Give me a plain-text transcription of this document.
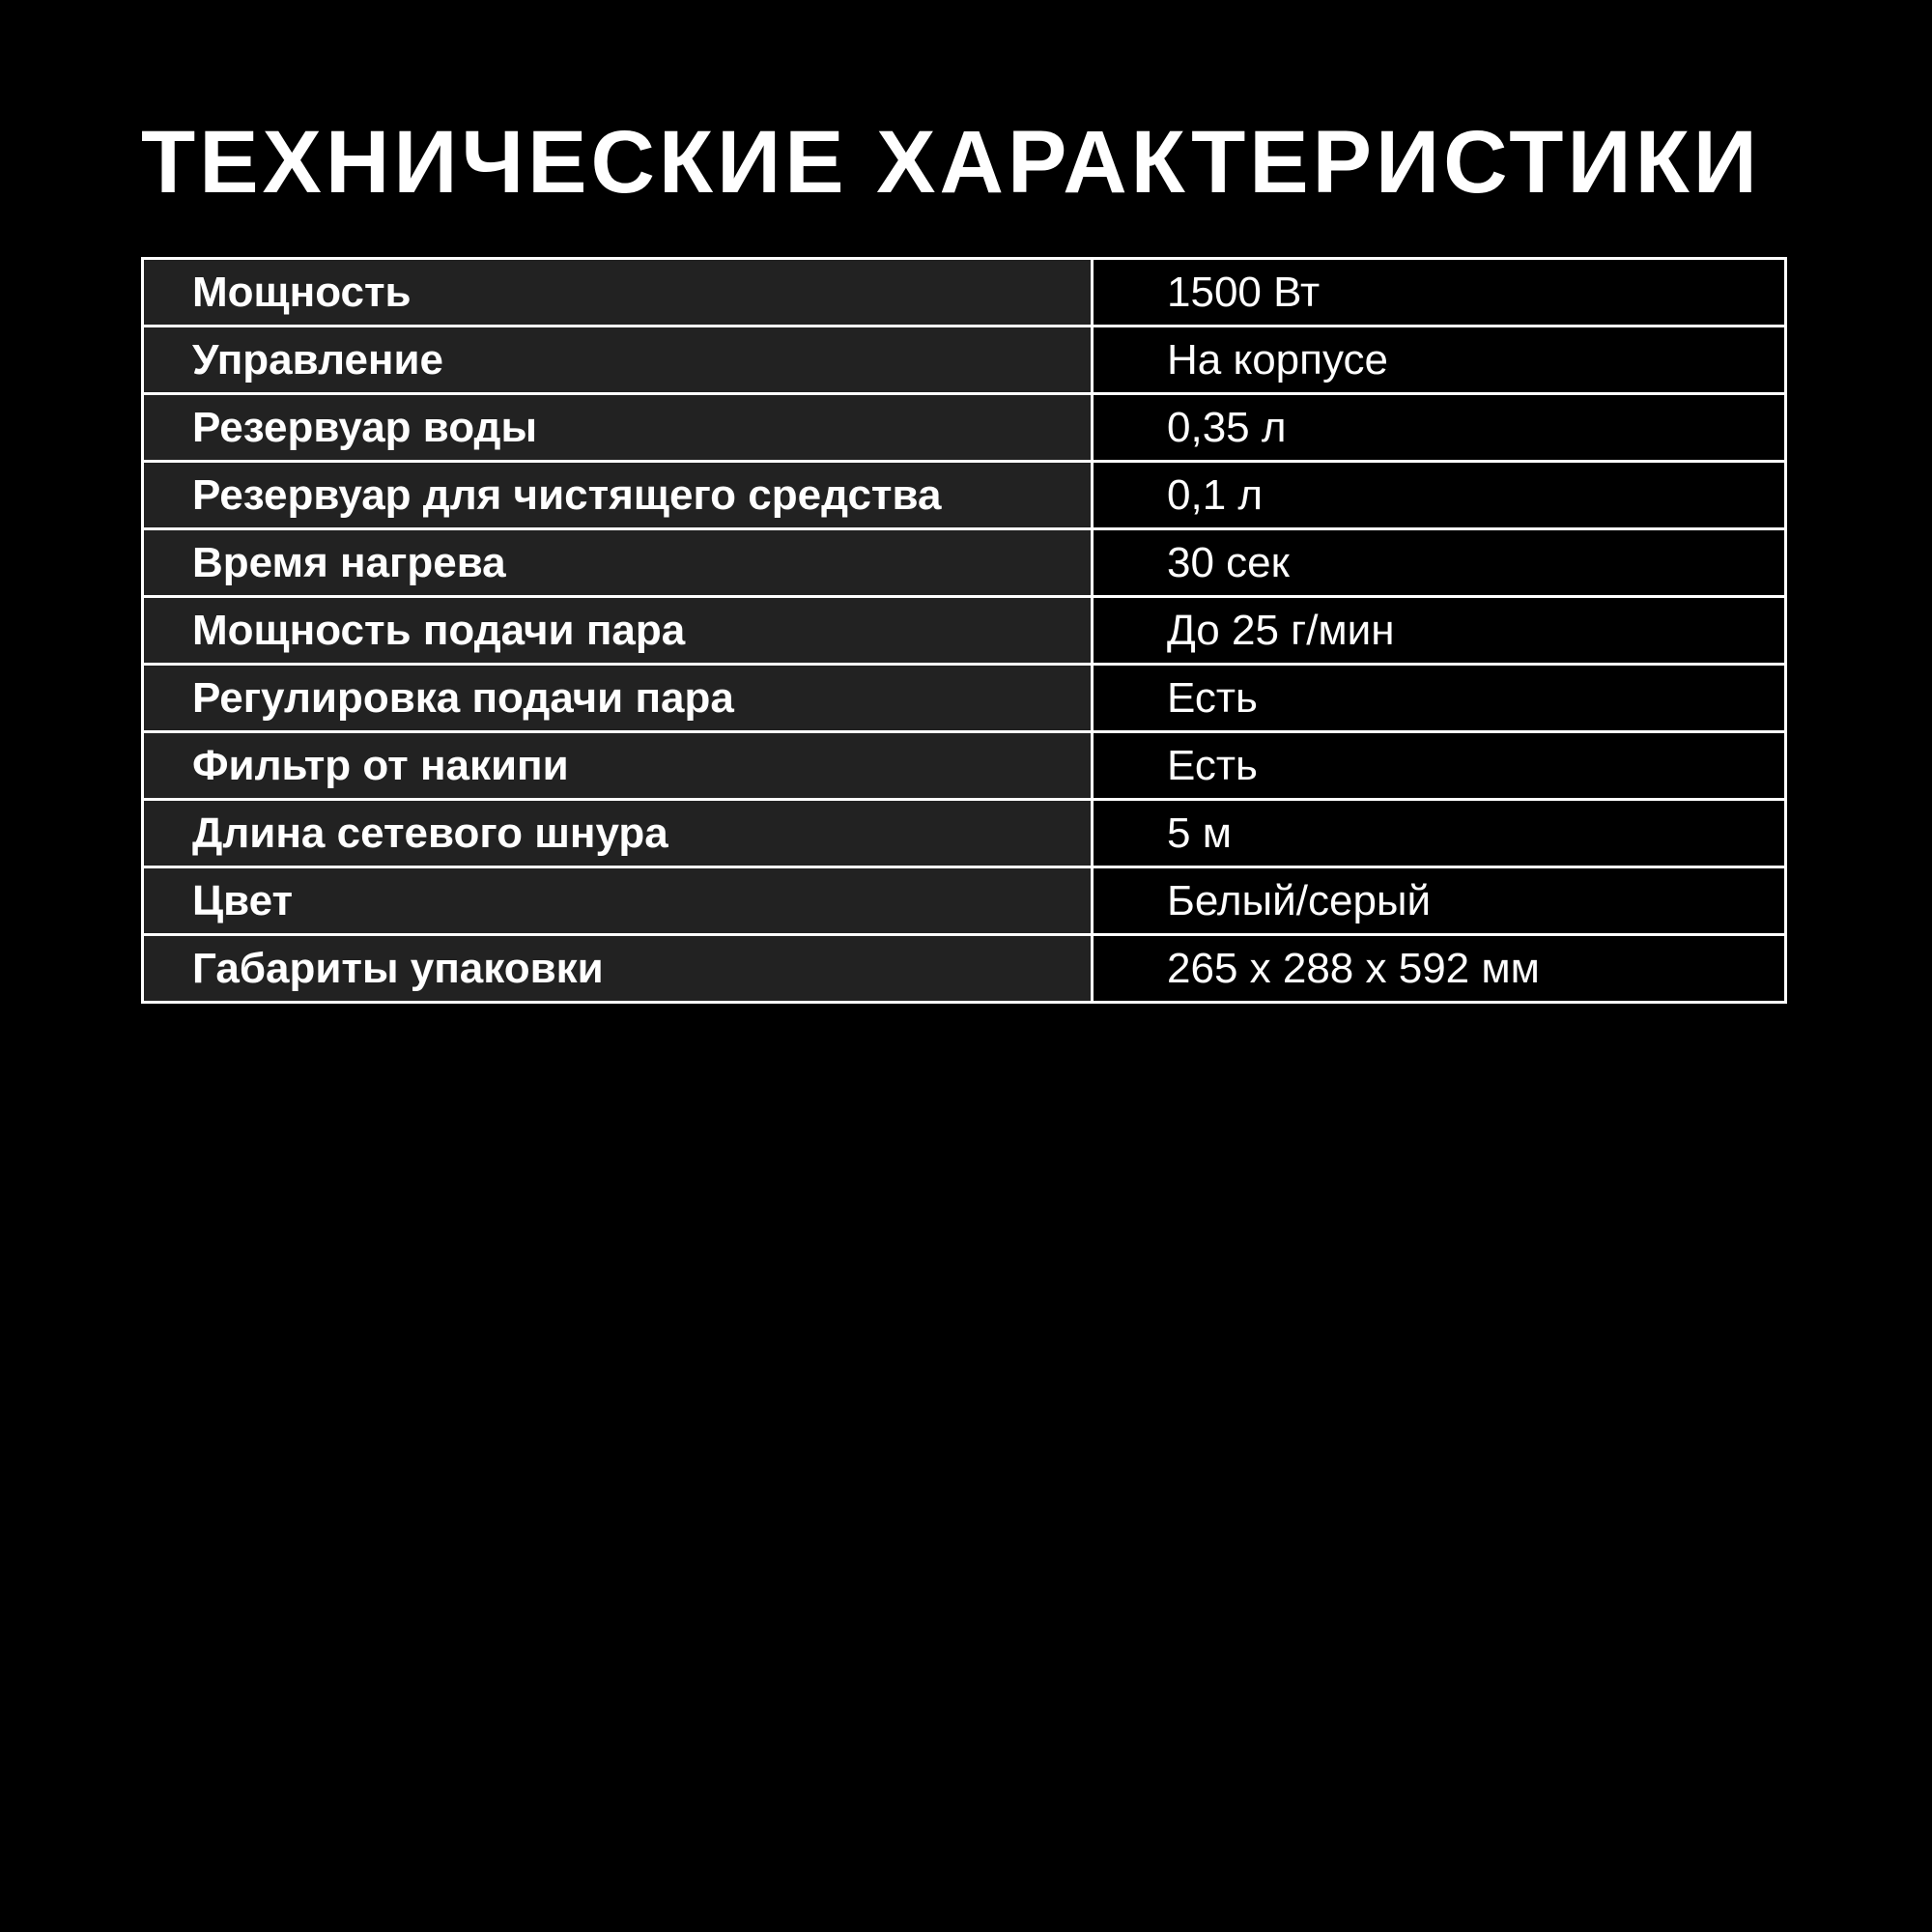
ТЕХНИЧЕСКИЕ ХАРАКТЕРИСТИКИ
Мощность	1500 Вт
Управление	На корпусе
Резервуар воды	0,35 л
Резервуар для чистящего средства	0,1 л
Время нагрева	30 сек
Мощность подачи пара	До 25 г/мин
Регулировка подачи пара	Есть
Фильтр от накипи	Есть
Длина сетевого шнура	5 м
Цвет	Белый/серый
Габариты упаковки	265 x 288 x 592 мм
